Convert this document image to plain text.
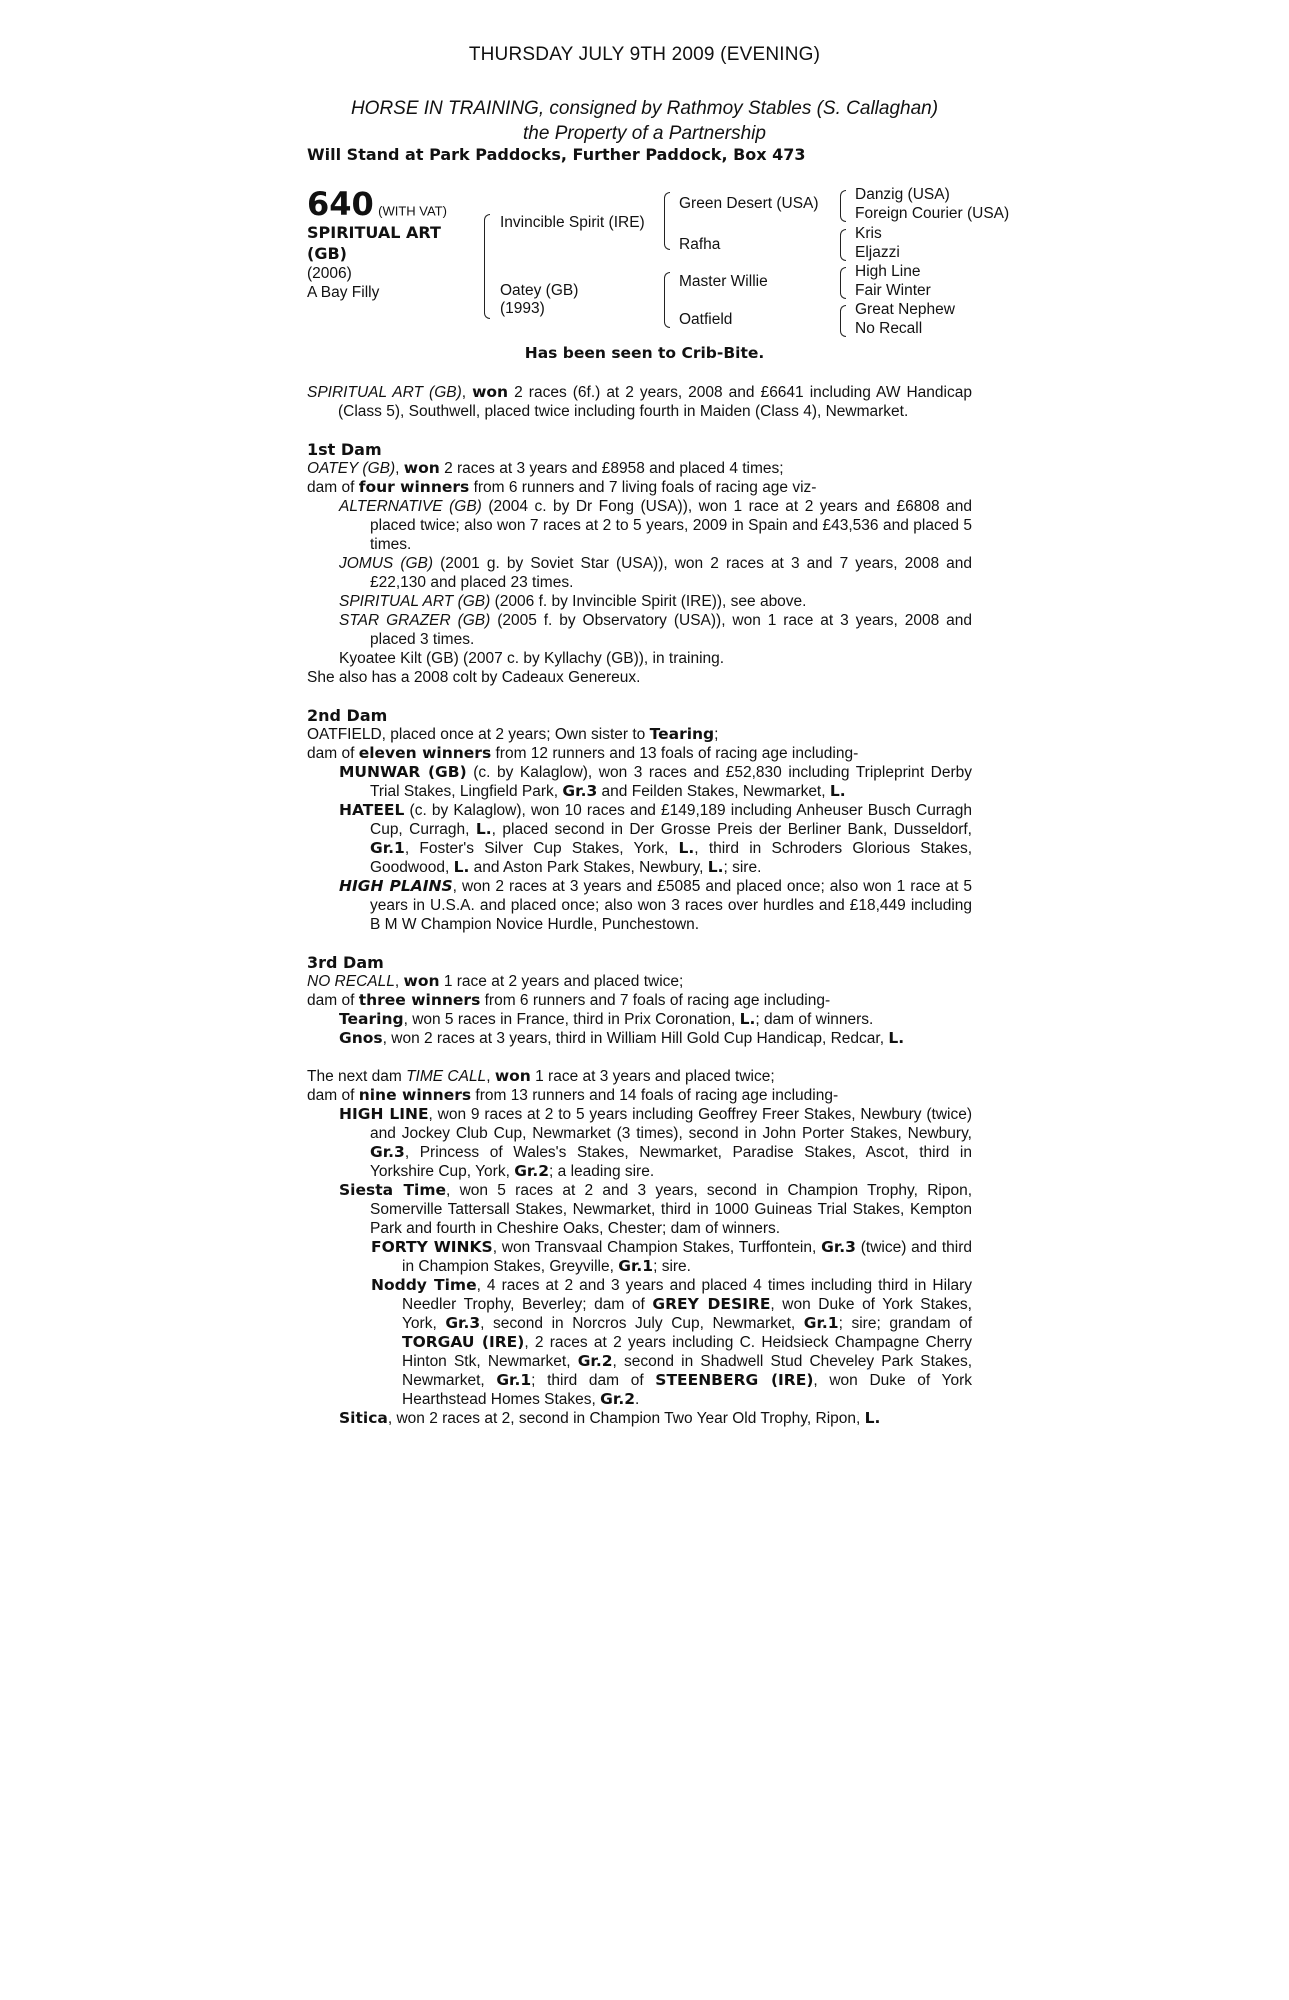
THURSDAY JULY 9TH 2009 (EVENING)
HORSE IN TRAINING, consigned by Rathmoy Stables (S. Callaghan)
the Property of a Partnership
Will Stand at Park Paddocks, Further Paddock, Box 473
640 (WITH VAT)
SPIRITUAL ART
(GB)
(2006)
A Bay Filly
Invincible Spirit (IRE)
Oatey (GB)
(1993)
Green Desert (USA)
Rafha
Master Willie
Oatfield
Danzig (USA)
Foreign Courier (USA)
Kris
Eljazzi
High Line
Fair Winter
Great Nephew
No Recall
Has been seen to Crib-Bite.

SPIRITUAL ART (GB), won 2 races (6f.) at 2 years, 2008 and £6641 including AW Handicap (Class 5), Southwell, placed twice including fourth in Maiden (Class 4), Newmarket.

1st Dam

OATEY (GB), won 2 races at 3 years and £8958 and placed 4 times;

dam of four winners from 6 runners and 7 living foals of racing age viz-

ALTERNATIVE (GB) (2004 c. by Dr Fong (USA)), won 1 race at 2 years and £6808 and placed twice; also won 7 races at 2 to 5 years, 2009 in Spain and £43,536 and placed 5 times.

JOMUS (GB) (2001 g. by Soviet Star (USA)), won 2 races at 3 and 7 years, 2008 and £22,130 and placed 23 times.

SPIRITUAL ART (GB) (2006 f. by Invincible Spirit (IRE)), see above.

STAR GRAZER (GB) (2005 f. by Observatory (USA)), won 1 race at 3 years, 2008 and placed 3 times.

Kyoatee Kilt (GB) (2007 c. by Kyllachy (GB)), in training.

She also has a 2008 colt by Cadeaux Genereux.

2nd Dam

OATFIELD, placed once at 2 years; Own sister to Tearing;

dam of eleven winners from 12 runners and 13 foals of racing age including-

MUNWAR (GB) (c. by Kalaglow), won 3 races and £52,830 including Tripleprint Derby Trial Stakes, Lingfield Park, Gr.3 and Feilden Stakes, Newmarket, L.

HATEEL (c. by Kalaglow), won 10 races and £149,189 including Anheuser Busch Curragh Cup, Curragh, L., placed second in Der Grosse Preis der Berliner Bank, Dusseldorf, Gr.1, Foster's Silver Cup Stakes, York, L., third in Schroders Glorious Stakes, Goodwood, L. and Aston Park Stakes, Newbury, L.; sire.

HIGH PLAINS, won 2 races at 3 years and £5085 and placed once; also won 1 race at 5 years in U.S.A. and placed once; also won 3 races over hurdles and £18,449 including B M W Champion Novice Hurdle, Punchestown.

3rd Dam

NO RECALL, won 1 race at 2 years and placed twice;

dam of three winners from 6 runners and 7 foals of racing age including-

Tearing, won 5 races in France, third in Prix Coronation, L.; dam of winners.

Gnos, won 2 races at 3 years, third in William Hill Gold Cup Handicap, Redcar, L.

The next dam TIME CALL, won 1 race at 3 years and placed twice;

dam of nine winners from 13 runners and 14 foals of racing age including-

HIGH LINE, won 9 races at 2 to 5 years including Geoffrey Freer Stakes, Newbury (twice) and Jockey Club Cup, Newmarket (3 times), second in John Porter Stakes, Newbury, Gr.3, Princess of Wales's Stakes, Newmarket, Paradise Stakes, Ascot, third in Yorkshire Cup, York, Gr.2; a leading sire.

Siesta Time, won 5 races at 2 and 3 years, second in Champion Trophy, Ripon, Somerville Tattersall Stakes, Newmarket, third in 1000 Guineas Trial Stakes, Kempton Park and fourth in Cheshire Oaks, Chester; dam of winners.

FORTY WINKS, won Transvaal Champion Stakes, Turffontein, Gr.3 (twice) and third in Champion Stakes, Greyville, Gr.1; sire.

Noddy Time, 4 races at 2 and 3 years and placed 4 times including third in Hilary Needler Trophy, Beverley; dam of GREY DESIRE, won Duke of York Stakes, York, Gr.3, second in Norcros July Cup, Newmarket, Gr.1; sire; grandam of TORGAU (IRE), 2 races at 2 years including C. Heidsieck Champagne Cherry Hinton Stk, Newmarket, Gr.2, second in Shadwell Stud Cheveley Park Stakes, Newmarket, Gr.1; third dam of STEENBERG (IRE), won Duke of York Hearthstead Homes Stakes, Gr.2.

Sitica, won 2 races at 2, second in Champion Two Year Old Trophy, Ripon, L.
